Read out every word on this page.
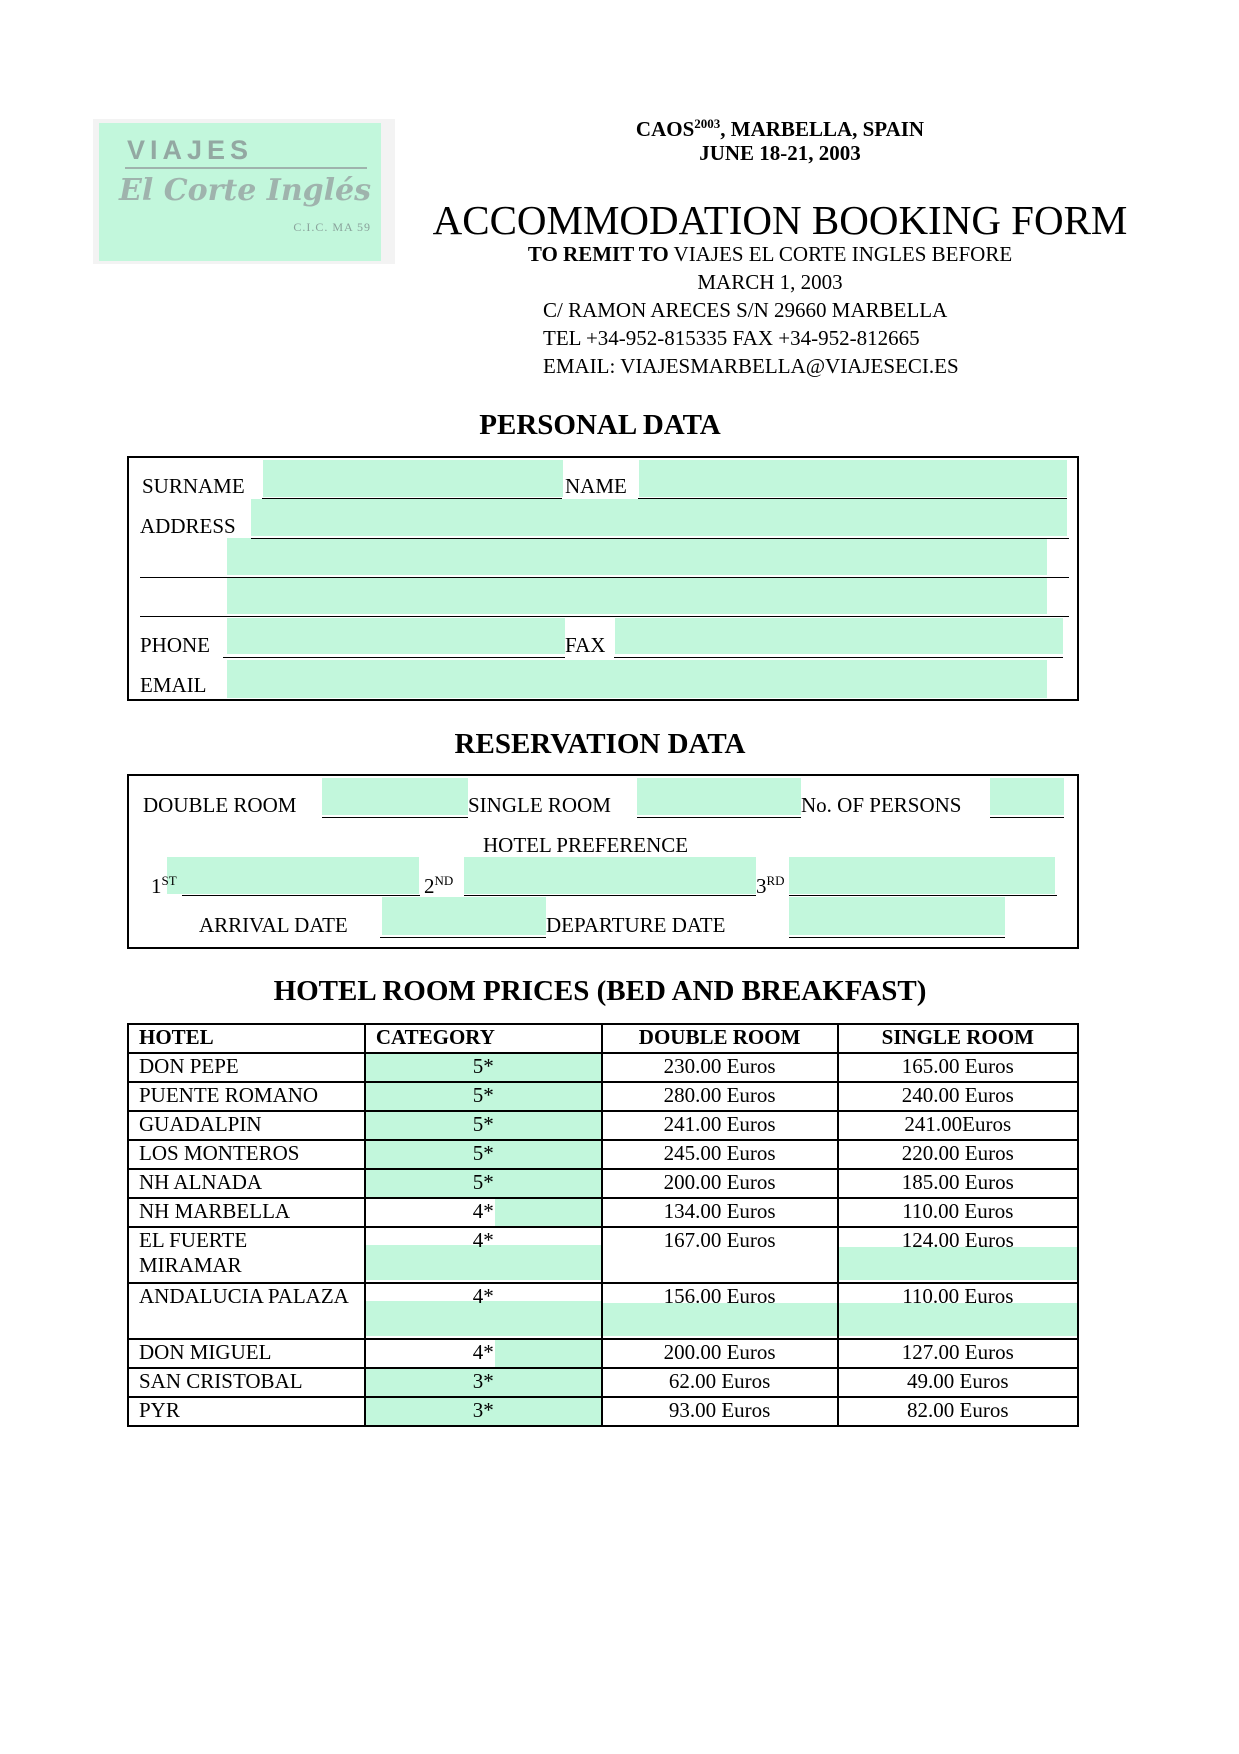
VIAJES
El Corte Inglés
C.I.C. MA 59
$CAOS^{2003}$, MARBELLA, SPAIN
JUNE 18-21, 2003
ACCOMMODATION BOOKING FORM
TO REMIT TO VIAJES EL CORTE INGLES BEFORE
MARCH 1, 2003
C/ RAMON ARECES S/N 29660 MARBELLA
TEL +34-952-815335 FAX +34-952-812665
EMAIL: VIAJESMARBELLA@VIAJESECI.ES
PERSONAL DATA
SURNAME	NAME
ADDRESS
PHONE	FAX
EMAIL
RESERVATION DATA
DOUBLE ROOM	SINGLE ROOM	No. OF PERSONS
HOTEL PREFERENCE
1ST	2ND	3RD
ARRIVAL DATE	DEPARTURE DATE
HOTEL ROOM PRICES (BED AND BREAKFAST)
HOTEL	CATEGORY	DOUBLE ROOM	SINGLE ROOM
DON PEPE	5*	230.00 Euros	165.00 Euros
PUENTE ROMANO	5*	280.00 Euros	240.00 Euros
GUADALPIN	5*	241.00 Euros	241.00Euros
LOS MONTEROS	5*	245.00 Euros	220.00 Euros
NH ALNADA	5*	200.00 Euros	185.00 Euros
NH MARBELLA	4*	134.00 Euros	110.00 Euros
EL FUERTE MIRAMAR	4*	167.00 Euros	124.00 Euros
ANDALUCIA PALAZA	4*	156.00 Euros	110.00 Euros
DON MIGUEL	4*	200.00 Euros	127.00 Euros
SAN CRISTOBAL	3*	62.00 Euros	49.00 Euros
PYR	3*	93.00 Euros	82.00 Euros
